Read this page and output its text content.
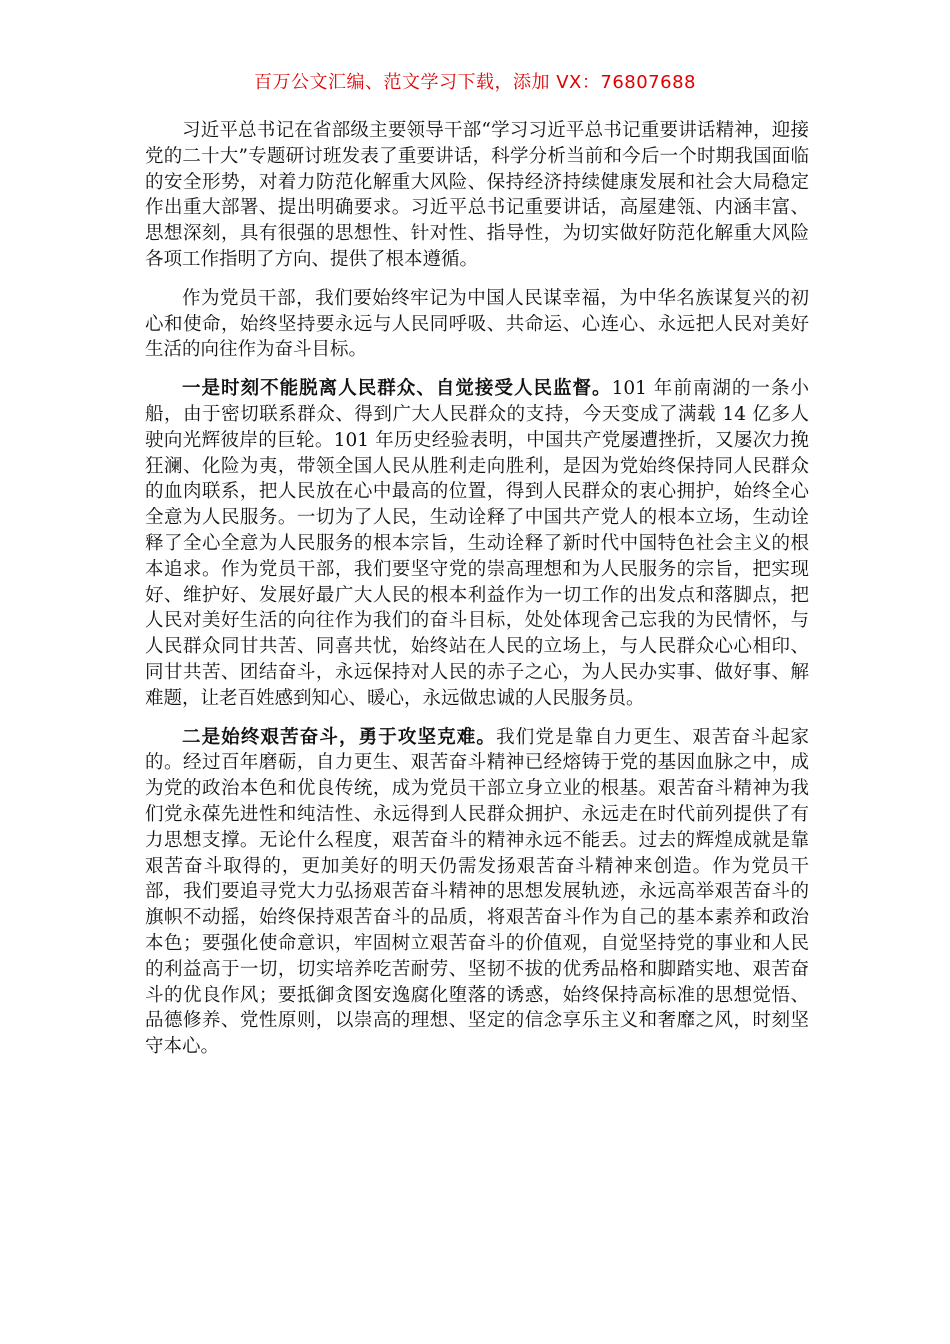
百万公文汇编、范文学习下载，添加 VX：76807688

习近平总书记在省部级主要领导干部“学习习近平总书记重要讲话精神，迎接党的二十大”专题研讨班发表了重要讲话，科学分析当前和今后一个时期我国面临的安全形势，对着力防范化解重大风险、保持经济持续健康发展和社会大局稳定作出重大部署、提出明确要求。习近平总书记重要讲话，高屋建瓴、内涵丰富、思想深刻，具有很强的思想性、针对性、指导性，为切实做好防范化解重大风险各项工作指明了方向、提供了根本遵循。

作为党员干部，我们要始终牢记为中国人民谋幸福，为中华名族谋复兴的初心和使命，始终坚持要永远与人民同呼吸、共命运、心连心、永远把人民对美好生活的向往作为奋斗目标。

一是时刻不能脱离人民群众、自觉接受人民监督。101 年前南湖的一条小船，由于密切联系群众、得到广大人民群众的支持，今天变成了满载 14 亿多人驶向光辉彼岸的巨轮。101 年历史经验表明，中国共产党屡遭挫折，又屡次力挽狂澜、化险为夷，带领全国人民从胜利走向胜利，是因为党始终保持同人民群众的血肉联系，把人民放在心中最高的位置，得到人民群众的衷心拥护，始终全心全意为人民服务。一切为了人民，生动诠释了中国共产党人的根本立场，生动诠释了全心全意为人民服务的根本宗旨，生动诠释了新时代中国特色社会主义的根本追求。作为党员干部，我们要坚守党的崇高理想和为人民服务的宗旨，把实现好、维护好、发展好最广大人民的根本利益作为一切工作的出发点和落脚点，把人民对美好生活的向往作为我们的奋斗目标，处处体现舍己忘我的为民情怀，与人民群众同甘共苦、同喜共忧，始终站在人民的立场上，与人民群众心心相印、同甘共苦、团结奋斗，永远保持对人民的赤子之心，为人民办实事、做好事、解难题，让老百姓感到知心、暖心，永远做忠诚的人民服务员。

二是始终艰苦奋斗，勇于攻坚克难。我们党是靠自力更生、艰苦奋斗起家的。经过百年磨砺，自力更生、艰苦奋斗精神已经熔铸于党的基因血脉之中，成为党的政治本色和优良传统，成为党员干部立身立业的根基。艰苦奋斗精神为我们党永葆先进性和纯洁性、永远得到人民群众拥护、永远走在时代前列提供了有力思想支撑。无论什么程度，艰苦奋斗的精神永远不能丢。过去的辉煌成就是靠艰苦奋斗取得的，更加美好的明天仍需发扬艰苦奋斗精神来创造。作为党员干部，我们要追寻党大力弘扬艰苦奋斗精神的思想发展轨迹，永远高举艰苦奋斗的旗帜不动摇，始终保持艰苦奋斗的品质，将艰苦奋斗作为自己的基本素养和政治本色；要强化使命意识，牢固树立艰苦奋斗的价值观，自觉坚持党的事业和人民的利益高于一切，切实培养吃苦耐劳、坚韧不拔的优秀品格和脚踏实地、艰苦奋斗的优良作风；要抵御贪图安逸腐化堕落的诱惑，始终保持高标准的思想觉悟、品德修养、党性原则，以崇高的理想、坚定的信念享乐主义和奢靡之风，时刻坚守本心。
